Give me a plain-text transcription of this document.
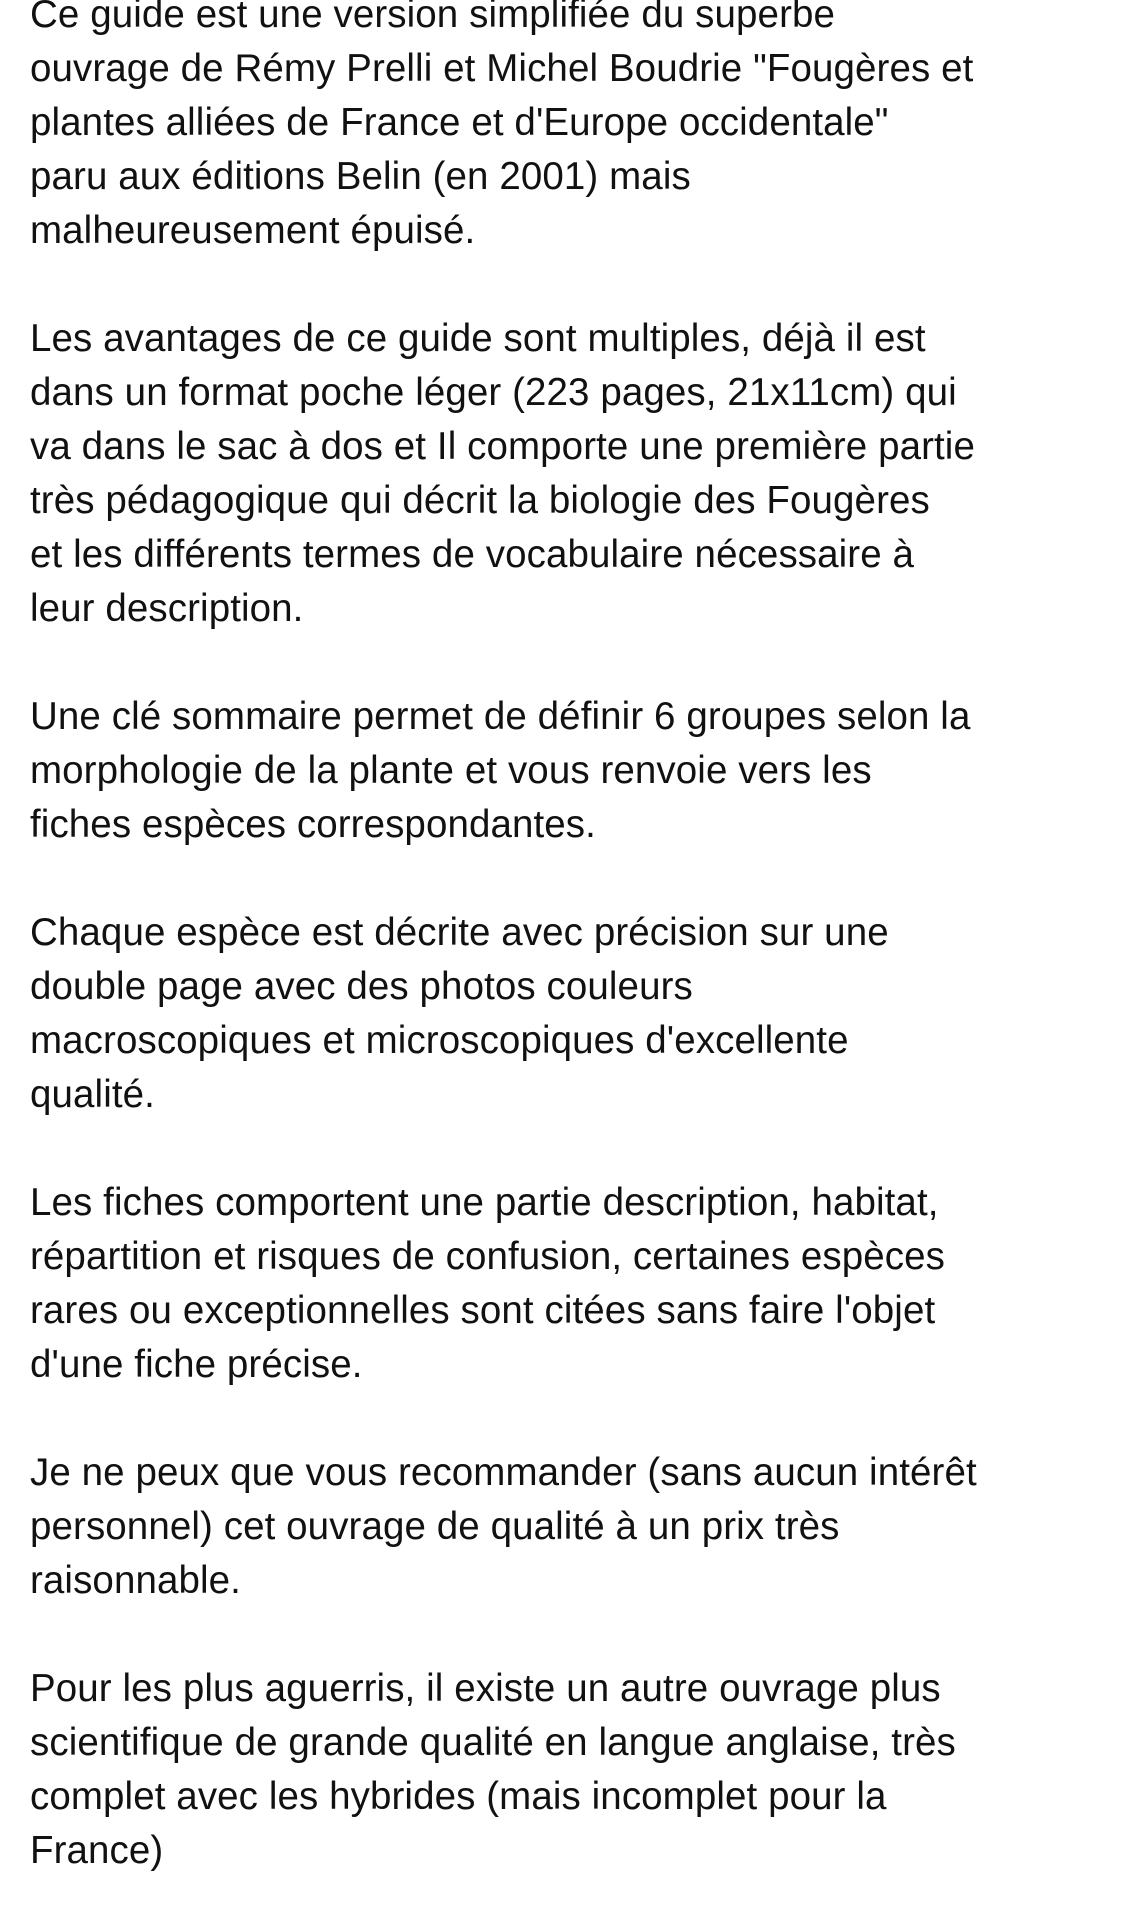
Ce guide est une version simplifiée du superbe
ouvrage de Rémy Prelli et Michel Boudrie "Fougères et
plantes alliées de France et d'Europe occidentale"
paru aux éditions Belin (en 2001) mais
malheureusement épuisé.

Les avantages de ce guide sont multiples, déjà il est
dans un format poche léger (223 pages, 21x11cm) qui
va dans le sac à dos et Il comporte une première partie
très pédagogique qui décrit la biologie des Fougères
et les différents termes de vocabulaire nécessaire à
leur description.

Une clé sommaire permet de définir 6 groupes selon la
morphologie de la plante et vous renvoie vers les
fiches espèces correspondantes.

Chaque espèce est décrite avec précision sur une
double page avec des photos couleurs
macroscopiques et microscopiques d'excellente
qualité.

Les fiches comportent une partie description, habitat,
répartition et risques de confusion, certaines espèces
rares ou exceptionnelles sont citées sans faire l'objet
d'une fiche précise.

Je ne peux que vous recommander (sans aucun intérêt
personnel) cet ouvrage de qualité à un prix très
raisonnable.

Pour les plus aguerris, il existe un autre ouvrage plus
scientifique de grande qualité en langue anglaise, très
complet avec les hybrides (mais incomplet pour la
France)
